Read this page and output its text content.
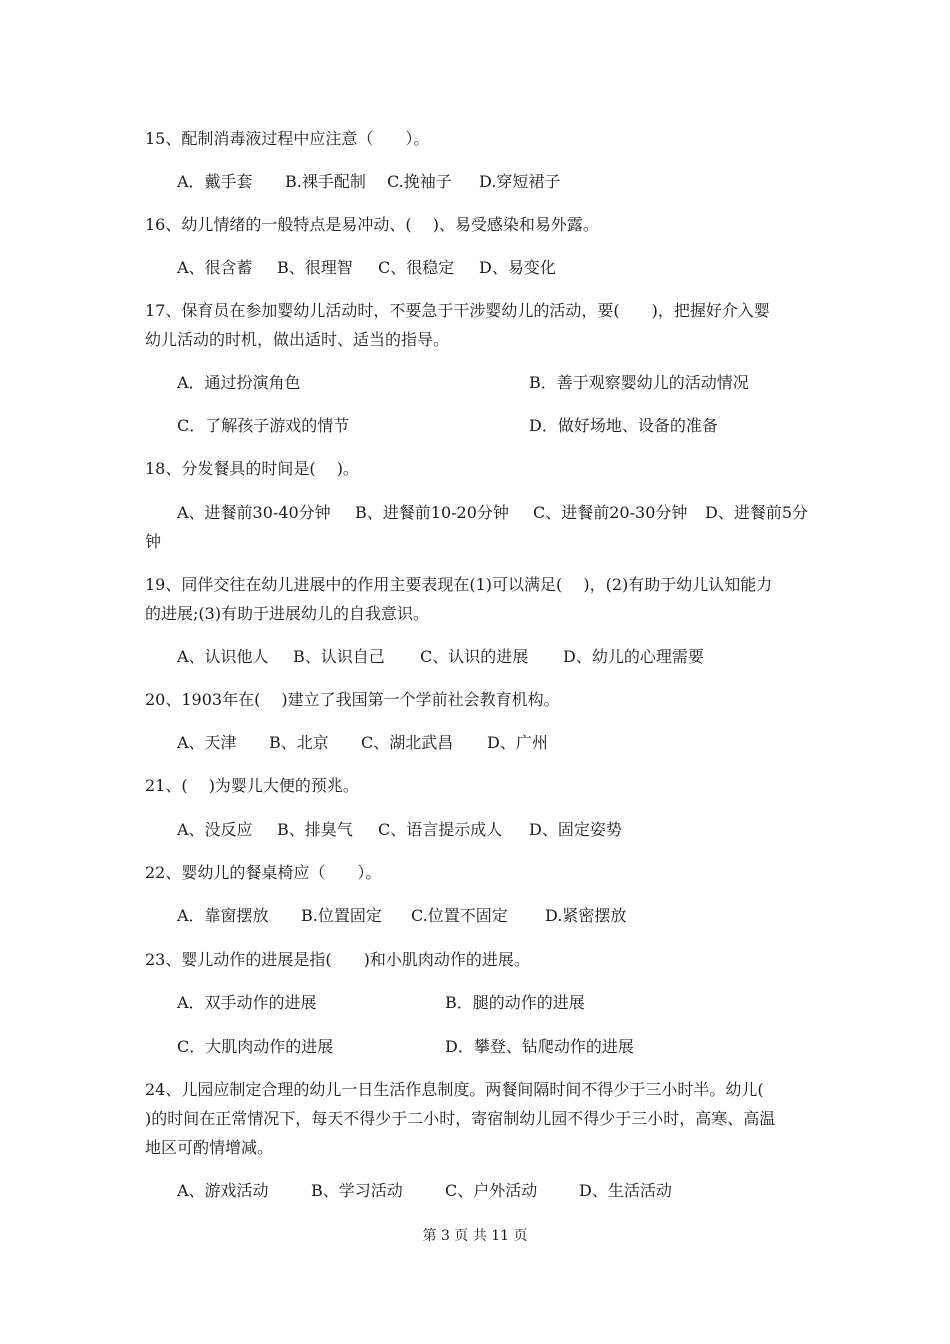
15、配制消毒液过程中应注意（　　）。
A．戴手套 B.裸手配制 C.挽袖子 D.穿短裙子
16、幼儿情绪的一般特点是易冲动、(　 )、易受感染和易外露。
A、很含蓄 B、很理智 C、很稳定 D、易变化
17、保育员在参加婴幼儿活动时，不要急于干涉婴幼儿的活动，要(　　)，把握好介入婴
幼儿活动的时机，做出适时、适当的指导。
A．通过扮演角色	B．善于观察婴幼儿的活动情况
C．了解孩子游戏的情节	D．做好场地、设备的准备
18、分发餐具的时间是(　 )。
A、进餐前30-40分钟 B、进餐前10-20分钟 C、进餐前20-30分钟 D、进餐前5分
钟
19、同伴交往在幼儿进展中的作用主要表现在(1)可以满足(　 )，(2)有助于幼儿认知能力
的进展;(3)有助于进展幼儿的自我意识。
A、认识他人 B、认识自己 C、认识的进展 D、幼儿的心理需要
20、1903年在(　 )建立了我国第一个学前社会教育机构。
A、天津 B、北京 C、湖北武昌 D、广州
21、(　 )为婴儿大便的预兆。
A、没反应 B、排臭气 C、语言提示成人 D、固定姿势
22、婴幼儿的餐桌椅应（　　）。
A．靠窗摆放 B.位置固定 C.位置不固定 D.紧密摆放
23、婴儿动作的进展是指(　　)和小肌肉动作的进展。
A．双手动作的进展	B．腿的动作的进展
C．大肌肉动作的进展	D．攀登、钻爬动作的进展
24、儿园应制定合理的幼儿一日生活作息制度。两餐间隔时间不得少于三小时半。幼儿(
)的时间在正常情况下，每天不得少于二小时，寄宿制幼儿园不得少于三小时，高寒、高温
地区可酌情增减。
A、游戏活动	B、学习活动	C、户外活动	D、生活活动
第 3 页 共 11 页
